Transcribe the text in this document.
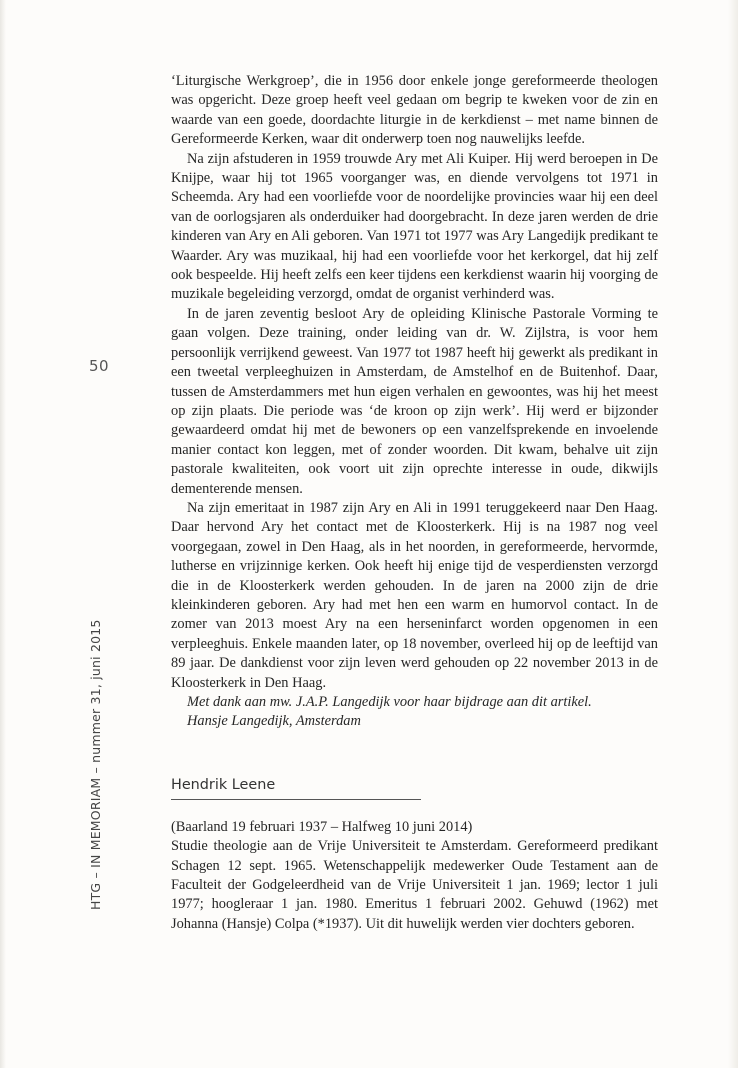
50
HTG – IN MEMORIAM – nummer 31, juni 2015

‘Liturgische Werkgroep’, die in 1956 door enkele jonge gereformeerde theologen was opgericht. Deze groep heeft veel gedaan om begrip te kweken voor de zin en waarde van een goede, doordachte liturgie in de kerkdienst – met name binnen de Gereformeerde Kerken, waar dit onderwerp toen nog nauwelijks leefde.

Na zijn afstuderen in 1959 trouwde Ary met Ali Kuiper. Hij werd beroepen in De Knijpe, waar hij tot 1965 voorganger was, en diende vervolgens tot 1971 in Scheemda. Ary had een voorliefde voor de noordelijke provincies waar hij een deel van de oorlogsjaren als onderduiker had doorgebracht. In deze jaren werden de drie kinderen van Ary en Ali geboren. Van 1971 tot 1977 was Ary Langedijk predikant te Waarder. Ary was muzikaal, hij had een voorliefde voor het kerkorgel, dat hij zelf ook bespeelde. Hij heeft zelfs een keer tijdens een kerkdienst waarin hij voorging de muzikale begeleiding verzorgd, omdat de organist verhinderd was.

In de jaren zeventig besloot Ary de opleiding Klinische Pastorale Vorming te gaan volgen. Deze training, onder leiding van dr. W. Zijlstra, is voor hem persoonlijk verrijkend geweest. Van 1977 tot 1987 heeft hij gewerkt als predikant in een tweetal verpleeghuizen in Amsterdam, de Amstelhof en de Buitenhof. Daar, tussen de Amsterdammers met hun eigen verhalen en gewoontes, was hij het meest op zijn plaats. Die periode was ‘de kroon op zijn werk’. Hij werd er bijzonder gewaardeerd omdat hij met de bewoners op een vanzelfsprekende en invoelende manier contact kon leggen, met of zonder woorden. Dit kwam, behalve uit zijn pastorale kwaliteiten, ook voort uit zijn oprechte interesse in oude, dikwijls dementerende mensen.

Na zijn emeritaat in 1987 zijn Ary en Ali in 1991 teruggekeerd naar Den Haag. Daar hervond Ary het contact met de Kloosterkerk. Hij is na 1987 nog veel voorgegaan, zowel in Den Haag, als in het noorden, in gereformeerde, hervormde, lutherse en vrijzinnige kerken. Ook heeft hij enige tijd de vesperdiensten verzorgd die in de Kloosterkerk werden gehouden. In de jaren na 2000 zijn de drie kleinkinderen geboren. Ary had met hen een warm en humorvol contact. In de zomer van 2013 moest Ary na een herseninfarct worden opgenomen in een verpleeghuis. Enkele maanden later, op 18 november, overleed hij op de leeftijd van 89 jaar. De dankdienst voor zijn leven werd gehouden op 22 november 2013 in de Kloosterkerk in Den Haag.

Met dank aan mw. J.A.P. Langedijk voor haar bijdrage aan dit artikel.

Hansje Langedijk, Amsterdam

Hendrik Leene

(Baarland 19 februari 1937 – Halfweg 10 juni 2014)

Studie theologie aan de Vrije Universiteit te Amsterdam. Gereformeerd predikant Schagen 12 sept. 1965. Wetenschappelijk medewerker Oude Testament aan de Faculteit der Godgeleerdheid van de Vrije Universiteit 1 jan. 1969; lector 1 juli 1977; hoogleraar 1 jan. 1980. Emeritus 1 februari 2002. Gehuwd (1962) met Johanna (Hansje) Colpa (*1937). Uit dit huwelijk werden vier dochters geboren.
